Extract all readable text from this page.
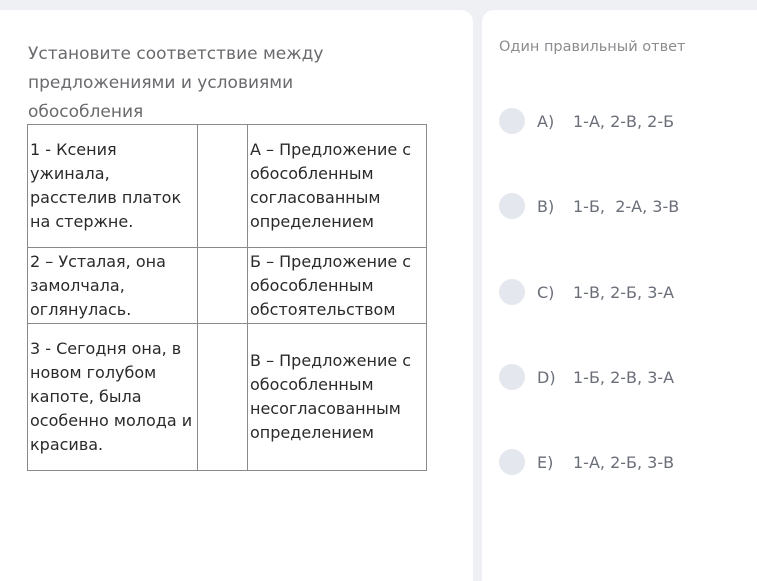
Установите соответствие между предложениями и условиями обособления

1 - Ксения ужинала, расстелив платок на стержне.		А – Предложение с обособленным согласованным определением
2 – Усталая, она замолчала, оглянулась.		Б – Предложение с обособленным обстоятельством
3 - Сегодня она, в новом голубом капоте, была особенно молода и красива.		В – Предложение с обособленным несогласованным определением
Один правильный ответ
A)	1-А, 2-В, 2-Б
B)	1-Б,  2-А, 3-В
C)	1-В, 2-Б, 3-А
D)	1-Б, 2-В, 3-А
E)	1-А, 2-Б, 3-В
